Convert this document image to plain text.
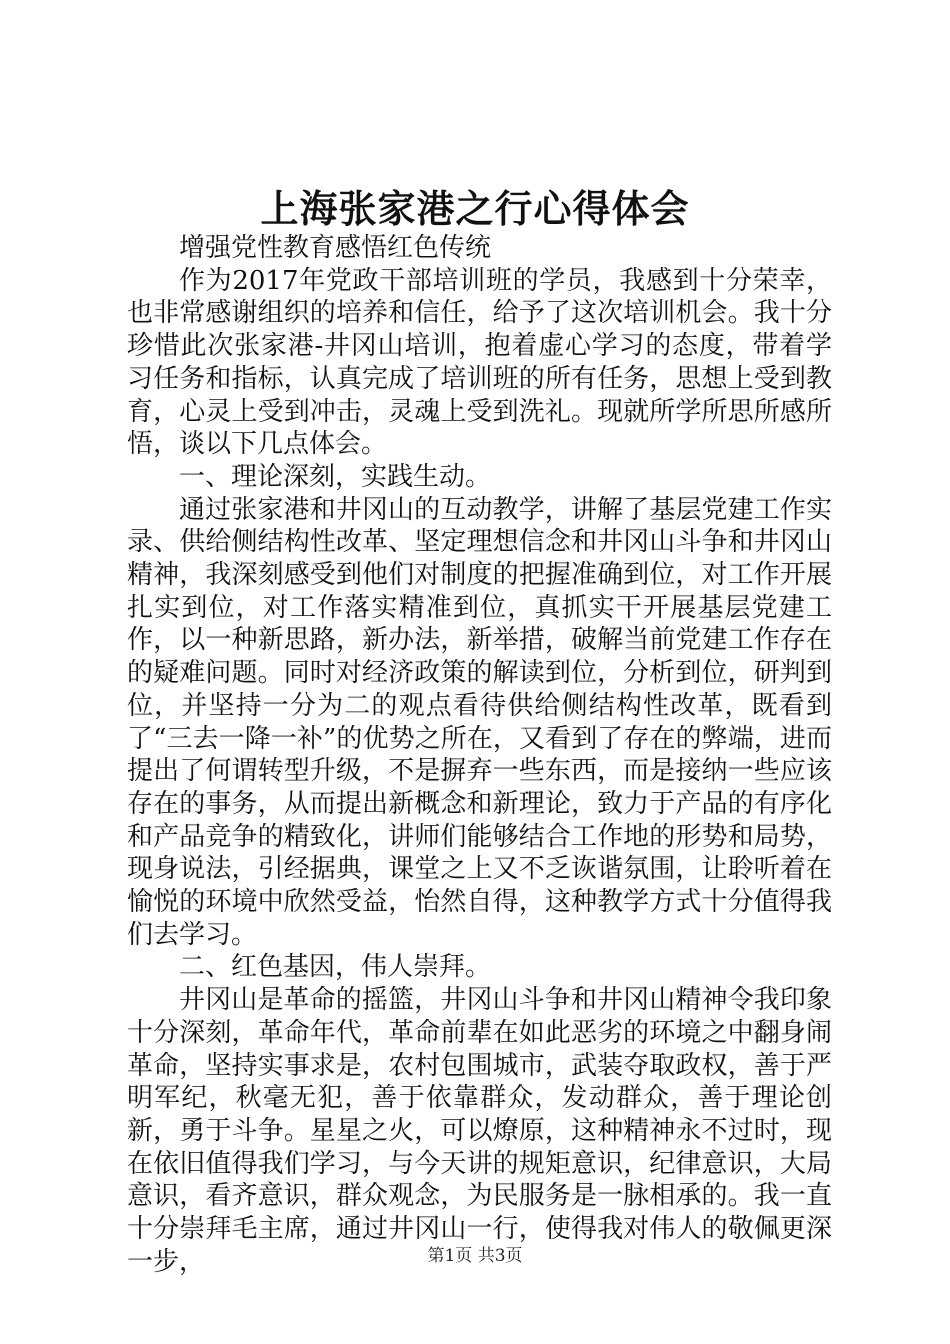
上海张家港之行心得体会

增强党性教育感悟红色传统

作为2017年党政干部培训班的学员，我感到十分荣幸，也非常感谢组织的培养和信任，给予了这次培训机会。我十分珍惜此次张家港-井冈山培训，抱着虚心学习的态度，带着学习任务和指标，认真完成了培训班的所有任务，思想上受到教育，心灵上受到冲击，灵魂上受到洗礼。现就所学所思所感所悟，谈以下几点体会。

一、理论深刻，实践生动。

通过张家港和井冈山的互动教学，讲解了基层党建工作实录、供给侧结构性改革、坚定理想信念和井冈山斗争和井冈山精神，我深刻感受到他们对制度的把握准确到位，对工作开展扎实到位，对工作落实精准到位，真抓实干开展基层党建工作，以一种新思路，新办法，新举措，破解当前党建工作存在的疑难问题。同时对经济政策的解读到位，分析到位，研判到位，并坚持一分为二的观点看待供给侧结构性改革，既看到了“三去一降一补”的优势之所在，又看到了存在的弊端，进而提出了何谓转型升级，不是摒弃一些东西，而是接纳一些应该存在的事务，从而提出新概念和新理论，致力于产品的有序化和产品竞争的精致化，讲师们能够结合工作地的形势和局势，现身说法，引经据典，课堂之上又不乏诙谐氛围，让聆听着在愉悦的环境中欣然受益，怡然自得，这种教学方式十分值得我们去学习。

二、红色基因，伟人崇拜。

井冈山是革命的摇篮，井冈山斗争和井冈山精神令我印象十分深刻，革命年代，革命前辈在如此恶劣的环境之中翻身闹革命，坚持实事求是，农村包围城市，武装夺取政权，善于严明军纪，秋毫无犯，善于依靠群众，发动群众，善于理论创新，勇于斗争。星星之火，可以燎原，这种精神永不过时，现在依旧值得我们学习，与今天讲的规矩意识，纪律意识，大局意识，看齐意识，群众观念，为民服务是一脉相承的。我一直十分崇拜毛主席，通过井冈山一行，使得我对伟人的敬佩更深一步，	第1页 共3页
